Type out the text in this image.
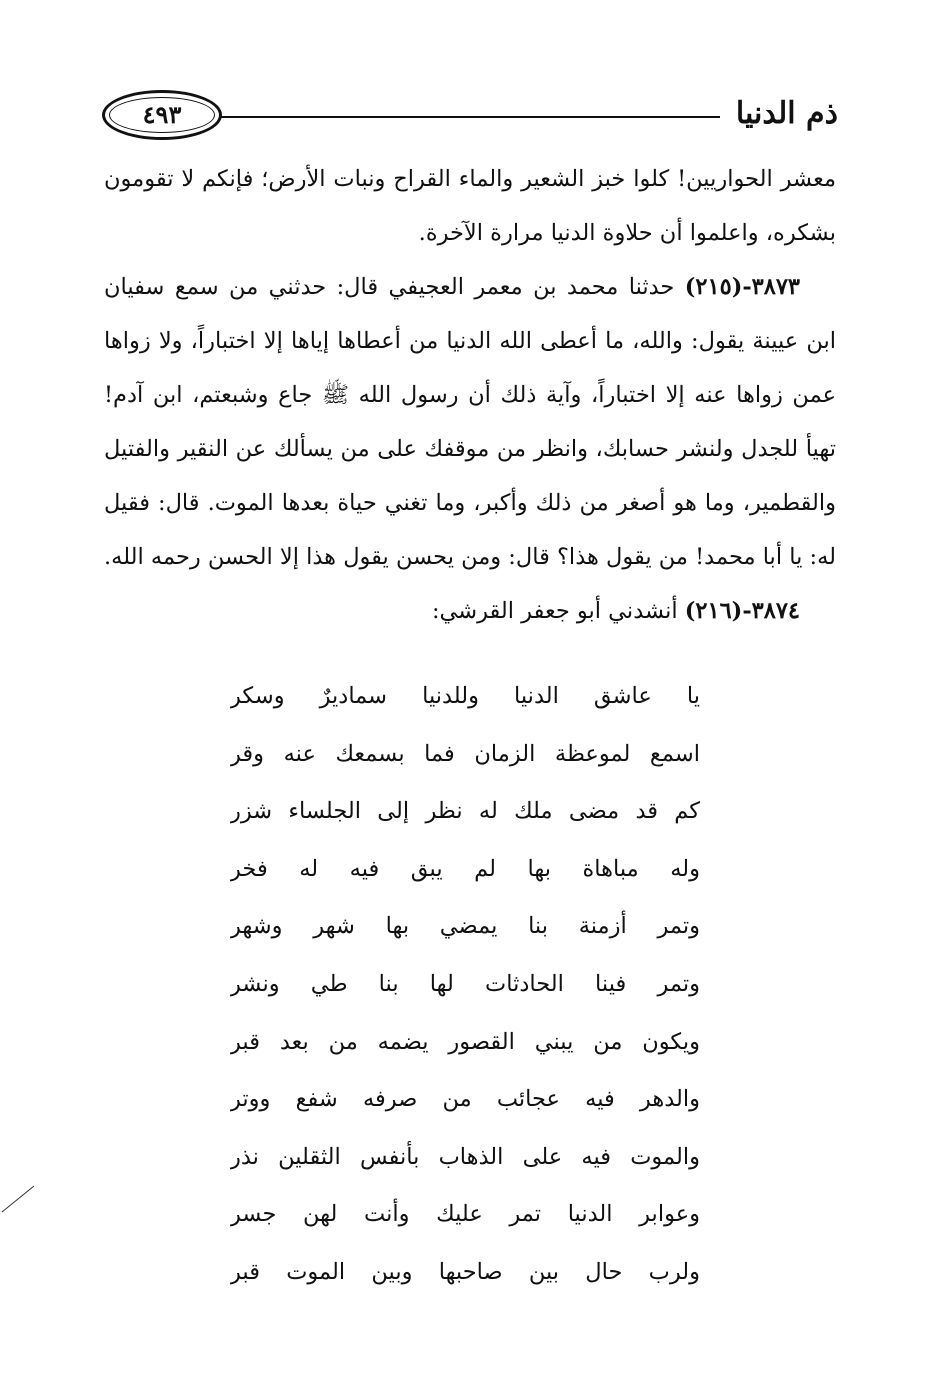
٤٩٣	ذم الدنيا

معشر الحواريين! كلوا خبز الشعير والماء القراح ونبات الأرض؛ فإنكم لا تقومون بشكره، واعلموا أن حلاوة الدنيا مرارة الآخرة.

٣٨٧٣-(٢١٥) حدثنا محمد بن معمر العجيفي قال: حدثني من سمع سفيان ابن عيينة يقول: والله، ما أعطى الله الدنيا من أعطاها إياها إلا اختباراً، ولا زواها عمن زواها عنه إلا اختباراً، وآية ذلك أن رسول الله ﷺ جاع وشبعتم، ابن آدم! تهيأ للجدل ولنشر حسابك، وانظر من موقفك على من يسألك عن النقير والفتيل والقطمير، وما هو أصغر من ذلك وأكبر، وما تغني حياة بعدها الموت. قال: فقيل له: يا أبا محمد! من يقول هذا؟ قال: ومن يحسن يقول هذا إلا الحسن رحمه الله.

٣٨٧٤-(٢١٦) أنشدني أبو جعفر القرشي:

يا عاشق الدنيا وللدنيا سماديرٌ وسكر
اسمع لموعظة الزمان فما بسمعك عنه وقر
كم قد مضى ملك له نظر إلى الجلساء شزر
وله مباهاة بها لم يبق فيه له فخر
وتمر أزمنة بنا يمضي بها شهر وشهر
وتمر فينا الحادثات لها بنا طي ونشر
ويكون من يبني القصور يضمه من بعد قبر
والدهر فيه عجائب من صرفه شفع ووتر
والموت فيه على الذهاب بأنفس الثقلين نذر
وعوابر الدنيا تمر عليك وأنت لهن جسر
ولرب حال بين صاحبها وبين الموت قبر
